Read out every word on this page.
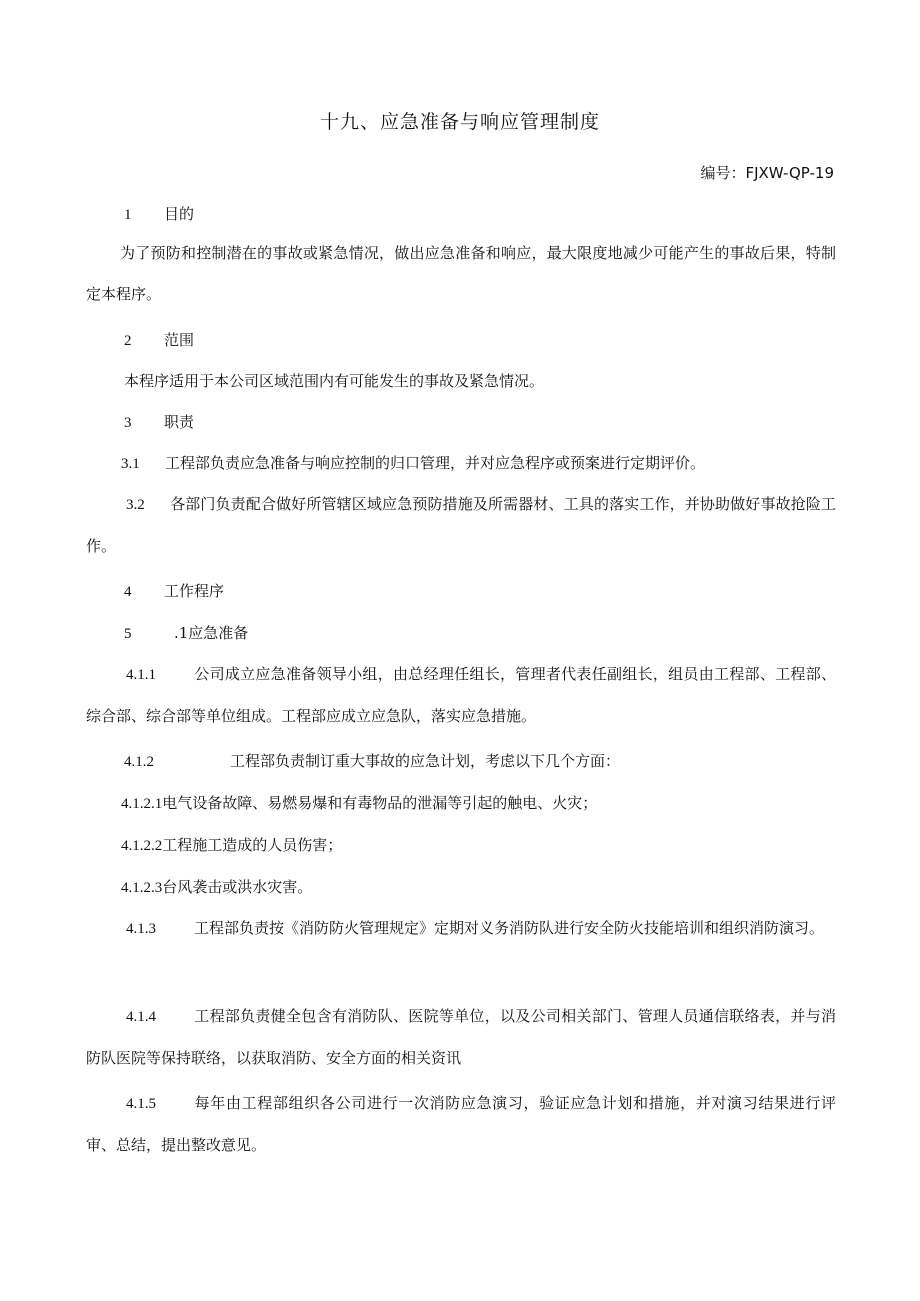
十九、应急准备与响应管理制度
编号：FJXW-QP-19
1 目的
为了预防和控制潜在的事故或紧急情况，做出应急准备和响应，最大限度地减少可能产生的事故后果，特制定本程序。
2 范围
本程序适用于本公司区域范围内有可能发生的事故及紧急情况。
3 职责
3.1 工程部负责应急准备与响应控制的归口管理，并对应急程序或预案进行定期评价。
3.2 各部门负责配合做好所管辖区域应急预防措施及所需器材、工具的落实工作，并协助做好事故抢险工作。
4 工作程序
5	.1应急准备
4.1.1	公司成立应急准备领导小组，由总经理任组长，管理者代表任副组长，组员由工程部、工程部、综合部、综合部等单位组成。工程部应成立应急队，落实应急措施。
4.1.2	工程部负责制订重大事故的应急计划，考虑以下几个方面：
4.1.2.1电气设备故障、易燃易爆和有毒物品的泄漏等引起的触电、火灾；
4.1.2.2工程施工造成的人员伤害；
4.1.2.3台风袭击或洪水灾害。
4.1.3	工程部负责按《消防防火管理规定》定期对义务消防队进行安全防火技能培训和组织消防演习。
4.1.4	工程部负责健全包含有消防队、医院等单位，以及公司相关部门、管理人员通信联络表，并与消防队医院等保持联络，以获取消防、安全方面的相关资讯
4.1.5	每年由工程部组织各公司进行一次消防应急演习，验证应急计划和措施，并对演习结果进行评审、总结，提出整改意见。
